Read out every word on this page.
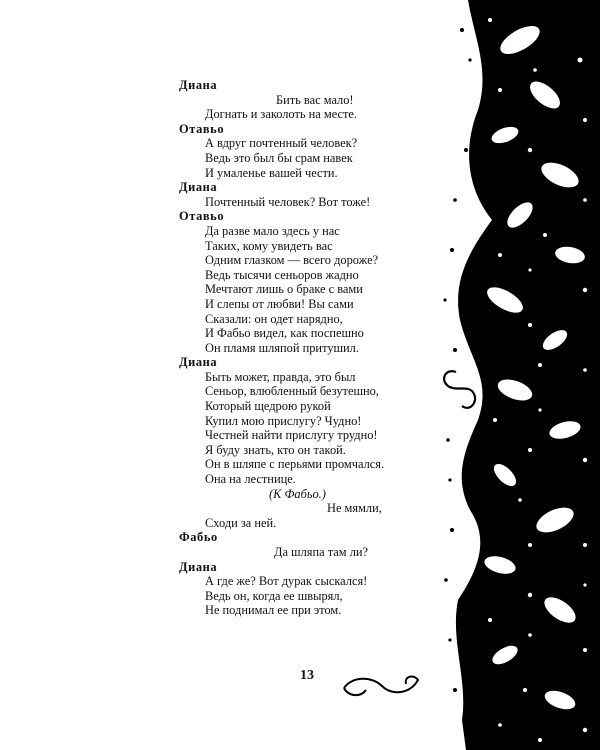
Диана
Бить вас мало!
Догнать и заколоть на месте.
Отавьо
А вдруг почтенный человек?
Ведь это был бы срам навек
И умаленье вашей чести.
Диана
Почтенный человек? Вот тоже!
Отавьо
Да разве мало здесь у нас
Таких, кому увидеть вас
Одним глазком — всего дороже?
Ведь тысячи сеньоров жадно
Мечтают лишь о браке с вами
И слепы от любви! Вы сами
Сказали: он одет нарядно,
И Фабьо видел, как поспешно
Он пламя шляпой притушил.
Диана
Быть может, правда, это был
Сеньор, влюбленный безутешно,
Который щедрою рукой
Купил мою прислугу? Чудно!
Честней найти прислугу трудно!
Я буду знать, кто он такой.
Он в шляпе с перьями промчался.
Она на лестнице.
(К Фабьо.)
Не мямли,
Сходи за ней.
Фабьо
Да шляпа там ли?
Диана
А где же? Вот дурак сыскался!
Ведь он, когда ее швырял,
Не поднимал ее при этом.
13
